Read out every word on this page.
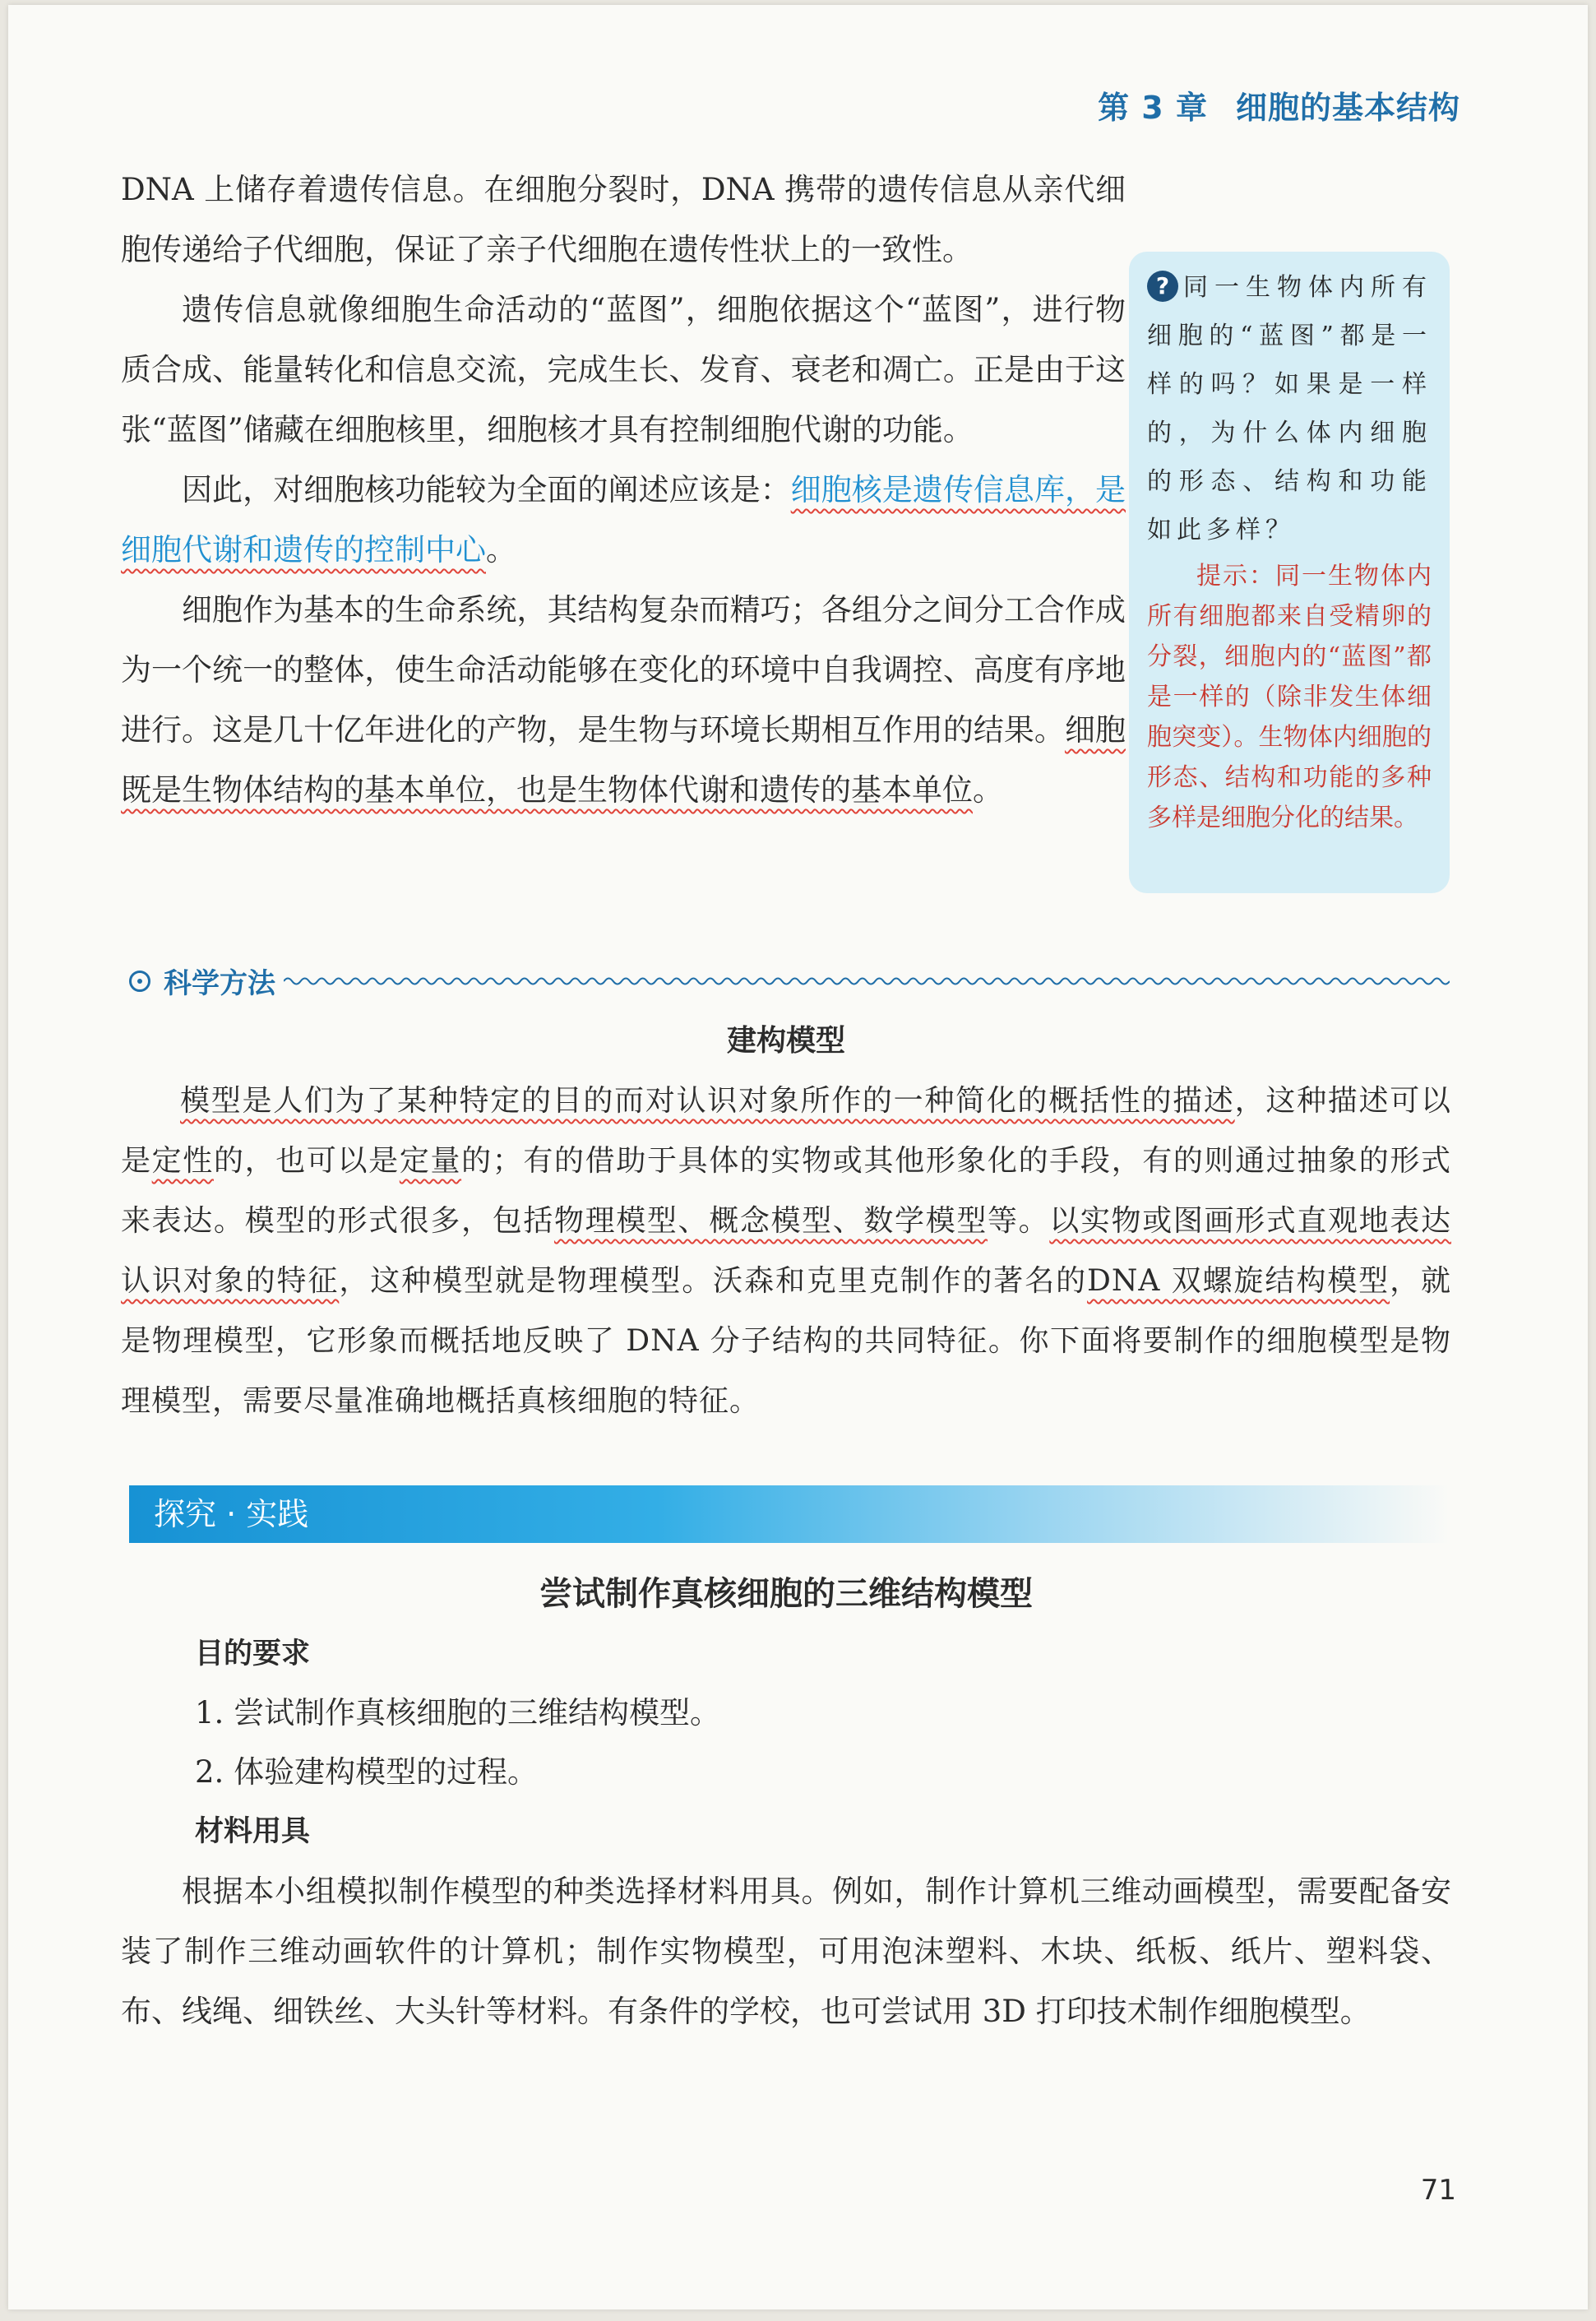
第 3 章 细胞的基本结构

DNA 上储存着遗传信息。在细胞分裂时，DNA 携带的遗传信息从亲代细胞传递给子代细胞，保证了亲子代细胞在遗传性状上的一致性。

遗传信息就像细胞生命活动的“蓝图”，细胞依据这个“蓝图”，进行物质合成、能量转化和信息交流，完成生长、发育、衰老和凋亡。正是由于这张“蓝图”储藏在细胞核里，细胞核才具有控制细胞代谢的功能。

因此，对细胞核功能较为全面的阐述应该是：细胞核是遗传信息库，是细胞代谢和遗传的控制中心。

细胞作为基本的生命系统，其结构复杂而精巧；各组分之间分工合作成为一个统一的整体，使生命活动能够在变化的环境中自我调控、高度有序地进行。这是几十亿年进化的产物，是生物与环境长期相互作用的结果。细胞既是生物体结构的基本单位，也是生物体代谢和遗传的基本单位。

? 同一生物体内所有细胞的“蓝图”都是一样的吗？如果是一样的，为什么体内细胞的形态、结构和功能如此多样？
提示：同一生物体内所有细胞都来自受精卵的分裂，细胞内的“蓝图”都是一样的（除非发生体细胞突变）。生物体内细胞的形态、结构和功能的多种多样是细胞分化的结果。
科学方法
建构模型

模型是人们为了某种特定的目的而对认识对象所作的一种简化的概括性的描述，这种描述可以是定性的，也可以是定量的；有的借助于具体的实物或其他形象化的手段，有的则通过抽象的形式来表达。模型的形式很多，包括物理模型、概念模型、数学模型等。以实物或图画形式直观地表达认识对象的特征，这种模型就是物理模型。沃森和克里克制作的著名的DNA 双螺旋结构模型，就是物理模型，它形象而概括地反映了 DNA 分子结构的共同特征。你下面将要制作的细胞模型是物理模型，需要尽量准确地概括真核细胞的特征。

探究 · 实践
尝试制作真核细胞的三维结构模型
目的要求
1. 尝试制作真核细胞的三维结构模型。
2. 体验建构模型的过程。
材料用具

根据本小组模拟制作模型的种类选择材料用具。例如，制作计算机三维动画模型，需要配备安装了制作三维动画软件的计算机；制作实物模型，可用泡沫塑料、木块、纸板、纸片、塑料袋、布、线绳、细铁丝、大头针等材料。有条件的学校，也可尝试用 3D 打印技术制作细胞模型。

71
